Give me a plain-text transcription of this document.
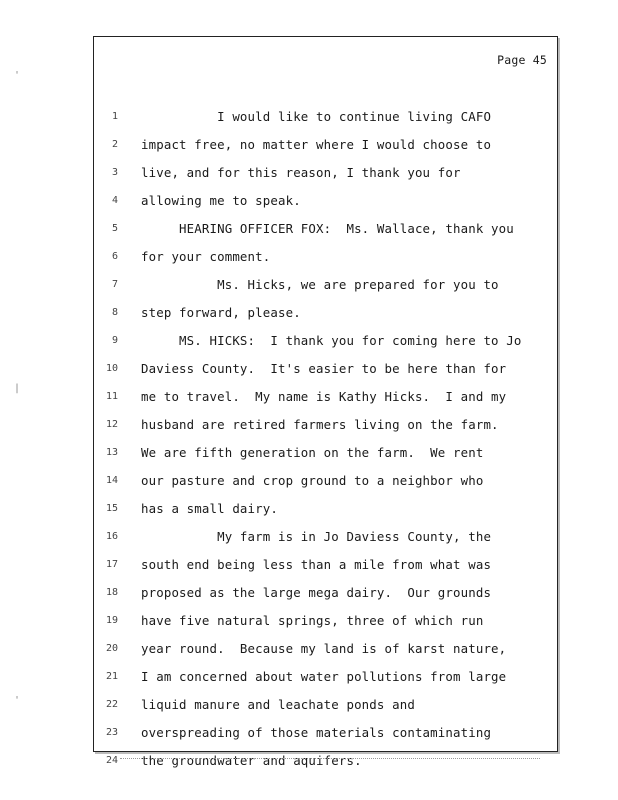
'
|
'
Page 45
1 I would like to continue living CAFO
2 impact free, no matter where I would choose to
3 live, and for this reason, I thank you for
4 allowing me to speak.
5 HEARING OFFICER FOX:  Ms. Wallace, thank you
6 for your comment.
7 Ms. Hicks, we are prepared for you to
8 step forward, please.
9 MS. HICKS:  I thank you for coming here to Jo
10 Daviess County.  It's easier to be here than for
11 me to travel.  My name is Kathy Hicks.  I and my
12 husband are retired farmers living on the farm.
13 We are fifth generation on the farm.  We rent
14 our pasture and crop ground to a neighbor who
15 has a small dairy.
16 My farm is in Jo Daviess County, the
17 south end being less than a mile from what was
18 proposed as the large mega dairy.  Our grounds
19 have five natural springs, three of which run
20 year round.  Because my land is of karst nature,
21 I am concerned about water pollutions from large
22 liquid manure and leachate ponds and
23 overspreading of those materials contaminating
24 the groundwater and aquifers.
